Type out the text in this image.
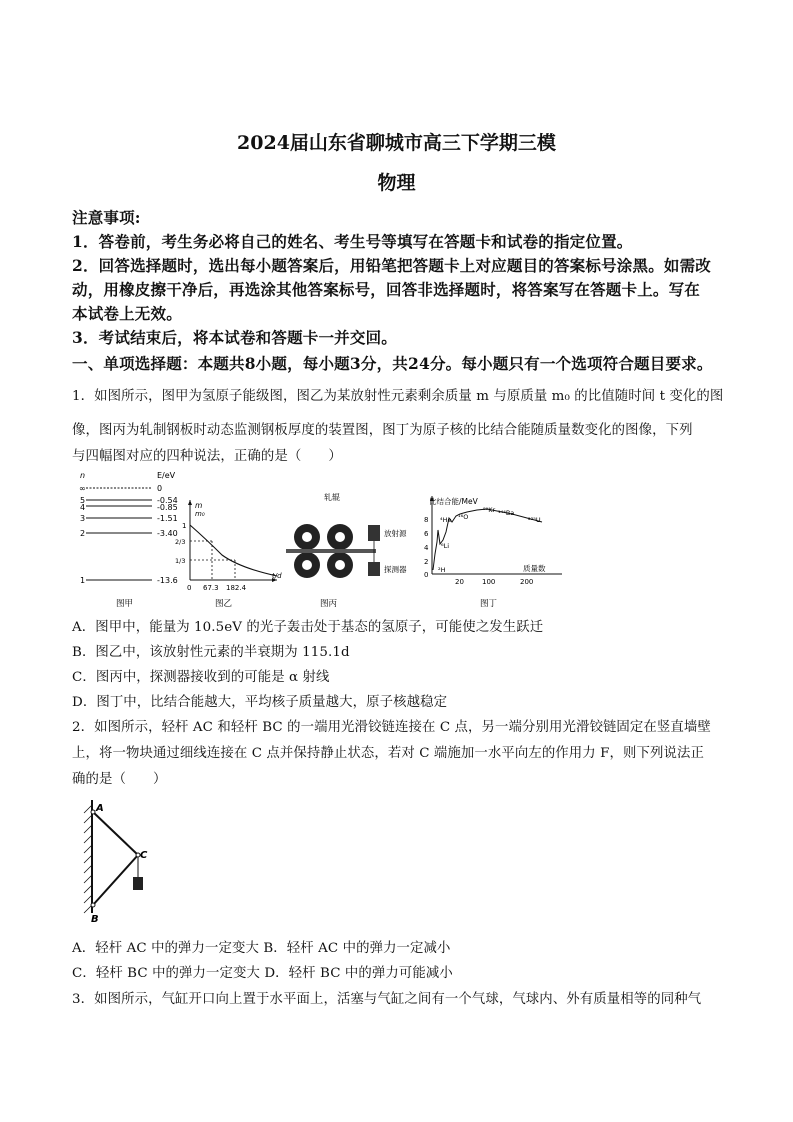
2024届山东省聊城市高三下学期三模
物理
注意事项:
1．答卷前，考生务必将自己的姓名、考生号等填写在答题卡和试卷的指定位置。
2．回答选择题时，选出每小题答案后，用铅笔把答题卡上对应题目的答案标号涂黑。如需改
动，用橡皮擦干净后，再选涂其他答案标号，回答非选择题时，将答案写在答题卡上。写在
本试卷上无效。
3．考试结束后，将本试卷和答题卡一并交回。
一、单项选择题：本题共8小题，每小题3分，共24分。每小题只有一个选项符合题目要求。
1．如图所示，图甲为氢原子能级图，图乙为某放射性元素剩余质量 m 与原质量 m₀ 的比值随时间 t 变化的图
像，图丙为轧制钢板时动态监测钢板厚度的装置图，图丁为原子核的比结合能随质量数变化的图像，下列
与四幅图对应的四种说法，正确的是（　　）
n	E/eV
∞	0
5	-0.54
4	-0.85
3	-1.51
2	-3.40
1	-13.6
图甲
m
m₀
t/d
1
2/3
1/3
0 67.3 182.4
图乙
轧辊
放射源
探测器
图丙
比结合能/MeV
质量数
8
6
4
2
0
20	100	200
⁴He ¹⁶O
⁸⁹Kr ¹⁴⁴Ba
²³⁵U
⁶Li
²H
图丁
A．图甲中，能量为 10.5eV 的光子轰击处于基态的氢原子，可能使之发生跃迁
B．图乙中，该放射性元素的半衰期为 115.1d
C．图丙中，探测器接收到的可能是 α 射线
D．图丁中，比结合能越大，平均核子质量越大，原子核越稳定
2．如图所示，轻杆 AC 和轻杆 BC 的一端用光滑铰链连接在 C 点，另一端分别用光滑铰链固定在竖直墙壁
上，将一物块通过细线连接在 C 点并保持静止状态，若对 C 端施加一水平向左的作用力 F，则下列说法正
确的是（　　）
A
C
B
A．轻杆 AC 中的弹力一定变大 B．轻杆 AC 中的弹力一定减小
C．轻杆 BC 中的弹力一定变大 D．轻杆 BC 中的弹力可能减小
3．如图所示，气缸开口向上置于水平面上，活塞与气缸之间有一个气球，气球内、外有质量相等的同种气
